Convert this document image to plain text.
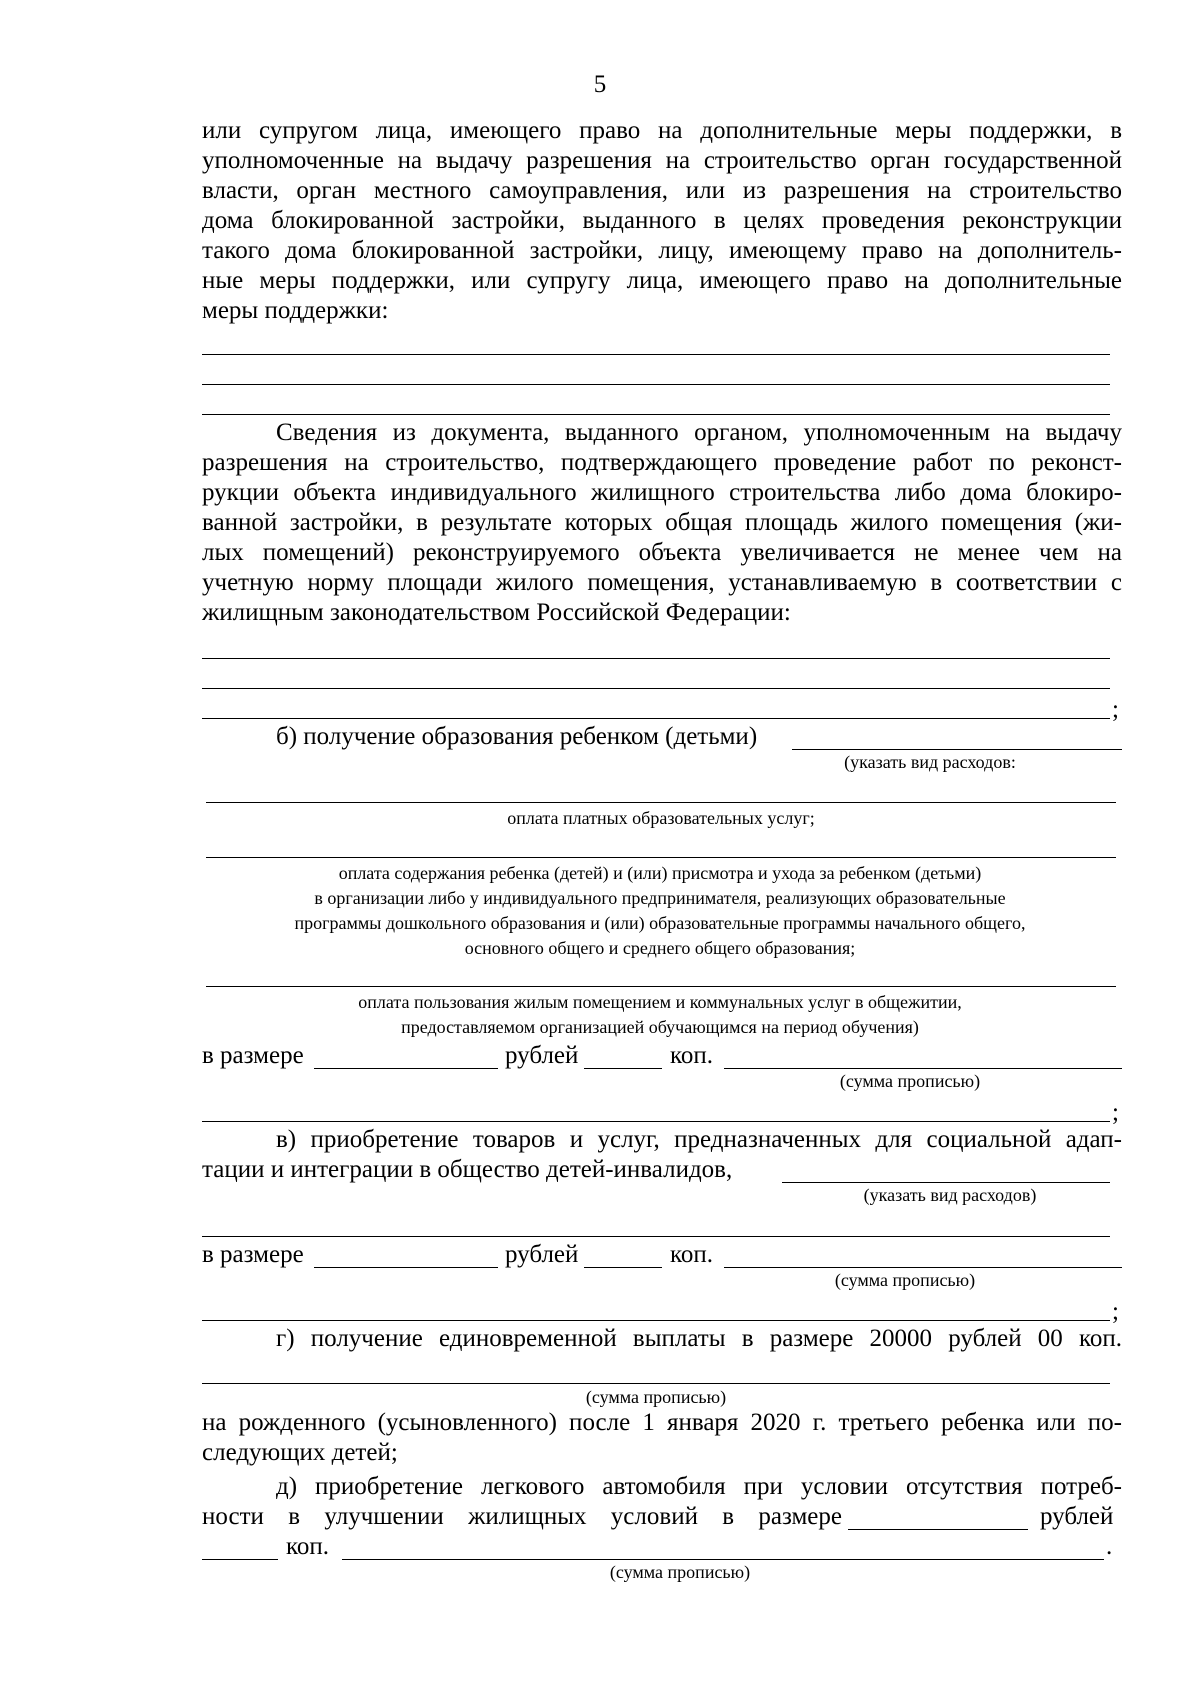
5
или супругом лица, имеющего право на дополнительные меры поддержки, в
уполномоченные на выдачу разрешения на строительство орган государственной
власти, орган местного самоуправления, или из разрешения на строительство
дома блокированной застройки, выданного в целях проведения реконструкции
такого дома блокированной застройки, лицу, имеющему право на дополнитель-
ные меры поддержки, или супругу лица, имеющего право на дополнительные
меры поддержки:
Сведения из документа, выданного органом, уполномоченным на выдачу
разрешения на строительство, подтверждающего проведение работ по реконст-
рукции объекта индивидуального жилищного строительства либо дома блокиро-
ванной застройки, в результате которых общая площадь жилого помещения (жи-
лых помещений) реконструируемого объекта увеличивается не менее чем на
учетную норму площади жилого помещения, устанавливаемую в соответствии с
жилищным законодательством Российской Федерации:
;
б) получение образования ребенком (детьми)
(указать вид расходов:
оплата платных образовательных услуг;
оплата содержания ребенка (детей) и (или) присмотра и ухода за ребенком (детьми)
в организации либо у индивидуального предпринимателя, реализующих образовательные
программы дошкольного образования и (или) образовательные программы начального общего,
основного общего и среднего общего образования;
оплата пользования жилым помещением и коммунальных услуг в общежитии,
предоставляемом организацией обучающимся на период обучения)
в размере	рублей	коп.
(сумма прописью)
;
в) приобретение товаров и услуг, предназначенных для социальной адап-
тации и интеграции в общество детей-инвалидов,
(указать вид расходов)
в размере	рублей	коп.
(сумма прописью)
;
г) получение единовременной выплаты в размере 20000 рублей 00 коп.
(сумма прописью)
на рожденного (усыновленного) после 1 января 2020 г. третьего ребенка или по-
следующих детей;
д) приобретение легкового автомобиля при условии отсутствия потреб-
ности в улучшении жилищных условий в размере	рублей
коп.	.
(сумма прописью)
